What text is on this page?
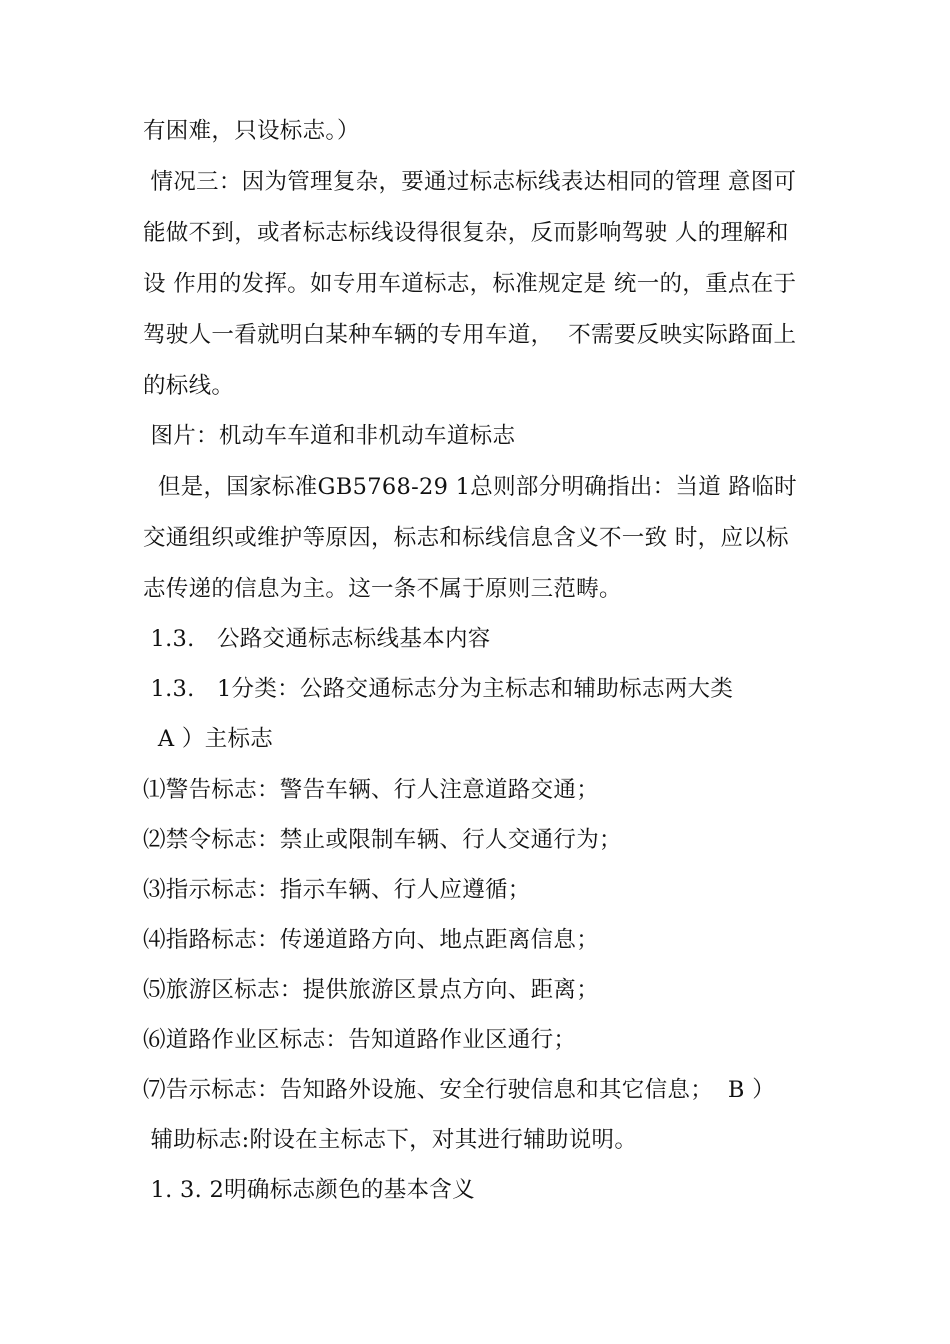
有困难，只设标志。）
情况三：因为管理复杂，要通过标志标线表达相同的管理 意图可
能做不到，或者标志标线设得很复杂，反而影响驾驶 人的理解和
设 作用的发挥。如专用车道标志，标准规定是 统一的，重点在于
驾驶人一看就明白某种车辆的专用车道，  不需要反映实际路面上
的标线。
图片：机动车车道和非机动车道标志
但是，国家标准GB5768-29 1总则部分明确指出：当道 路临时
交通组织或维护等原因，标志和标线信息含义不一致 时，应以标
志传递的信息为主。这一条不属于原则三范畴。
1.3.   公路交通标志标线基本内容
1.3.   1分类：公路交通标志分为主标志和辅助标志两大类
A ）主标志
⑴警告标志：警告车辆、行人注意道路交通；
⑵禁令标志：禁止或限制车辆、行人交通行为；
⑶指示标志：指示车辆、行人应遵循；
⑷指路标志：传递道路方向、地点距离信息；
⑸旅游区标志：提供旅游区景点方向、距离；
⑹道路作业区标志：告知道路作业区通行；
⑺告示标志：告知路外设施、安全行驶信息和其它信息；  B ）
辅助标志:附设在主标志下，对其进行辅助说明。
1. 3. 2明确标志颜色的基本含义
